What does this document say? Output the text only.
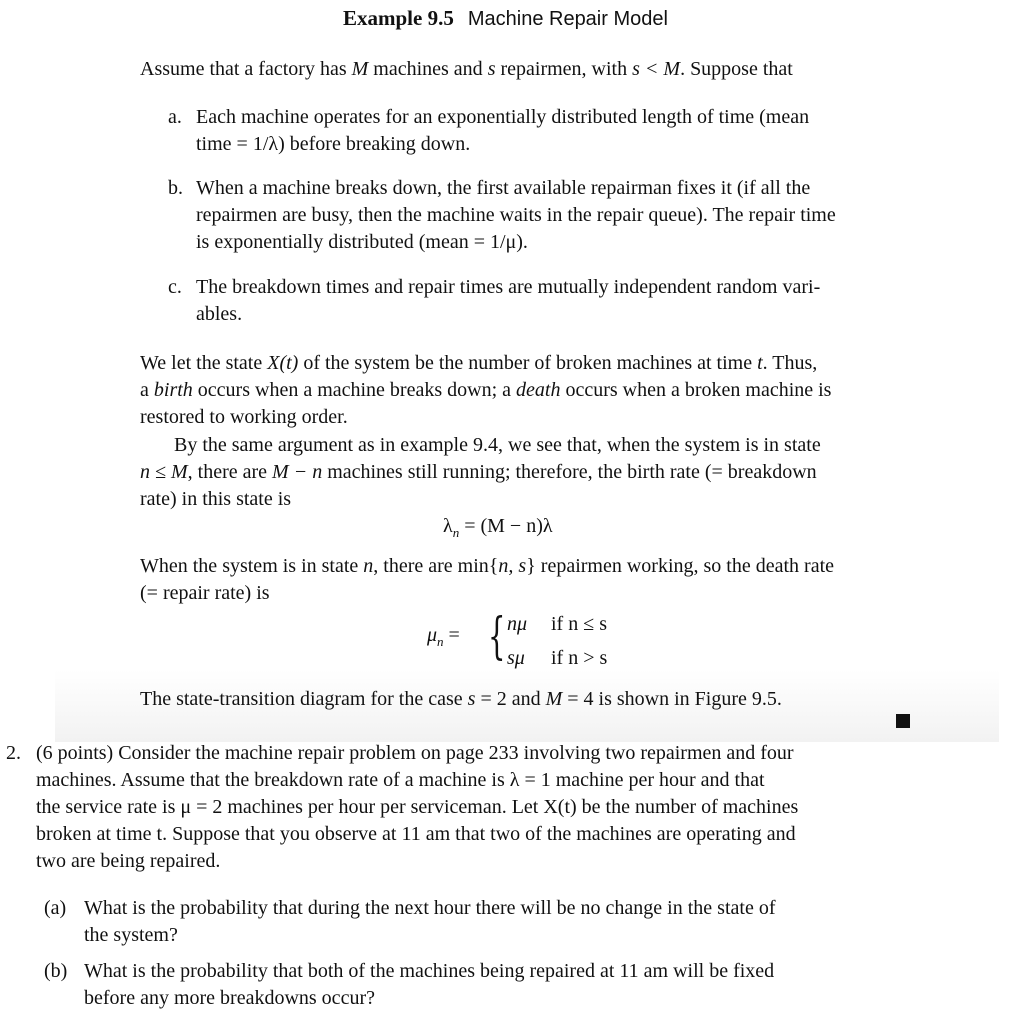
Example 9.5 Machine Repair Model
Assume that a factory has M machines and s repairmen, with s < M. Suppose that
a. Each machine operates for an exponentially distributed length of time (mean
time = 1/λ) before breaking down.
b. When a machine breaks down, the first available repairman fixes it (if all the
repairmen are busy, then the machine waits in the repair queue). The repair time
is exponentially distributed (mean = 1/μ).
c. The breakdown times and repair times are mutually independent random vari-
ables.
We let the state X(t) of the system be the number of broken machines at time t. Thus,
a birth occurs when a machine breaks down; a death occurs when a broken machine is
restored to working order.
By the same argument as in example 9.4, we see that, when the system is in state
n ≤ M, there are M − n machines still running; therefore, the birth rate (= breakdown
rate) in this state is
$\lambda_n = (M - n)\lambda$
When the system is in state n, there are min{n, s} repairmen working, so the death rate
(= repair rate) is
$\mu_n$ = { nμ if n ≤ s
sμ if n > s
The state-transition diagram for the case s = 2 and M = 4 is shown in Figure 9.5.
2. (6 points) Consider the machine repair problem on page 233 involving two repairmen and four
machines. Assume that the breakdown rate of a machine is λ = 1 machine per hour and that
the service rate is μ = 2 machines per hour per serviceman. Let X(t) be the number of machines
broken at time t. Suppose that you observe at 11 am that two of the machines are operating and
two are being repaired.
(a) What is the probability that during the next hour there will be no change in the state of
the system?
(b) What is the probability that both of the machines being repaired at 11 am will be fixed
before any more breakdowns occur?
